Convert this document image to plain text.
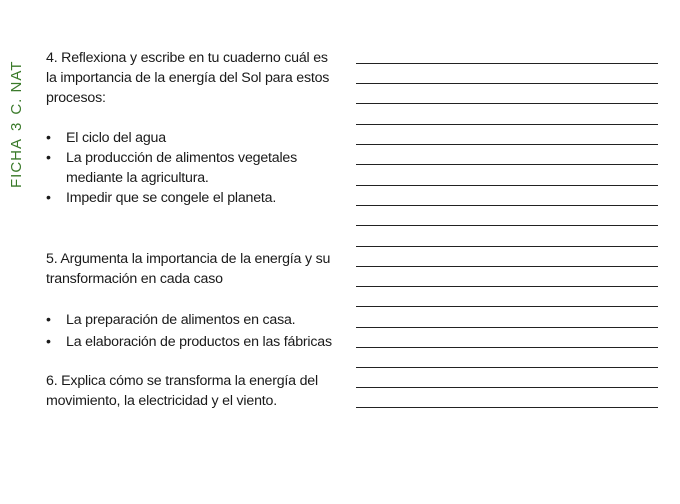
FICHA
3
C. NAT
4. Reflexiona y escribe en tu cuaderno cuál es
la importancia de la energía del Sol para estos
procesos:
• El ciclo del agua
• La producción de alimentos vegetales
mediante la agricultura.
• Impedir que se congele el planeta.
5. Argumenta la importancia de la energía y su
transformación en cada caso
• La preparación de alimentos en casa.
• La elaboración de productos en las fábricas
6. Explica cómo se transforma la energía del
movimiento, la electricidad y el viento.
